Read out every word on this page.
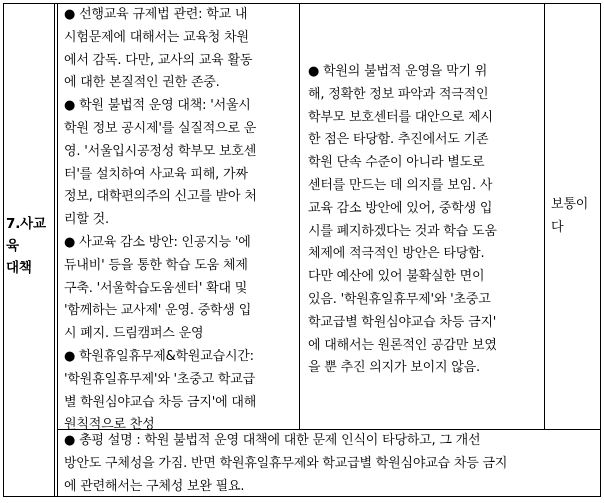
7.사교

육

대책

● 선행교육 규제법 관련: 학교 내

시험문제에 대해서는 교육청 차원

에서 감독. 다만, 교사의 교육 활동

에 대한 본질적인 권한 존중.

● 학원 불법적 운영 대책: '서울시

학원 정보 공시제'를 실질적으로 운

영. '서울입시공정성 학부모 보호센

터'를 설치하여 사교육 피해, 가짜

정보, 대학편의주의 신고를 받아 처

리할 것.

● 사교육 감소 방안: 인공지능 '에

듀내비' 등을 통한 학습 도움 체제

구축. '서울학습도움센터' 확대 및

'함께하는 교사제' 운영. 중학생 입

시 폐지. 드림캠퍼스 운영

● 학원휴일휴무제&학원교습시간:

'학원휴일휴무제'와 '초중고 학교급

별 학원심야교습 차등 금지'에 대해

원칙적으로 찬성

● 학원의 불법적 운영을 막기 위

해, 정확한 정보 파악과 적극적인

학부모 보호센터를 대안으로 제시

한 점은 타당함. 추진에서도 기존

학원 단속 수준이 아니라 별도로

센터를 만드는 데 의지를 보임. 사

교육 감소 방안에 있어, 중학생 입

시를 폐지하겠다는 것과 학습 도움

체제에 적극적인 방안은 타당함.

다만 예산에 있어 불확실한 면이

있음. '학원휴일휴무제'와 '초중고

학교급별 학원심야교습 차등 금지'

에 대해서는 원론적인 공감만 보였

을 뿐 추진 의지가 보이지 않음.

보통이

다

● 총평 설명 : 학원 불법적 운영 대책에 대한 문제 인식이 타당하고, 그 개선

방안도 구체성을 가짐. 반면 학원휴일휴무제와 학교급별 학원심야교습 차등 금지

에 관련해서는 구체성 보완 필요.
